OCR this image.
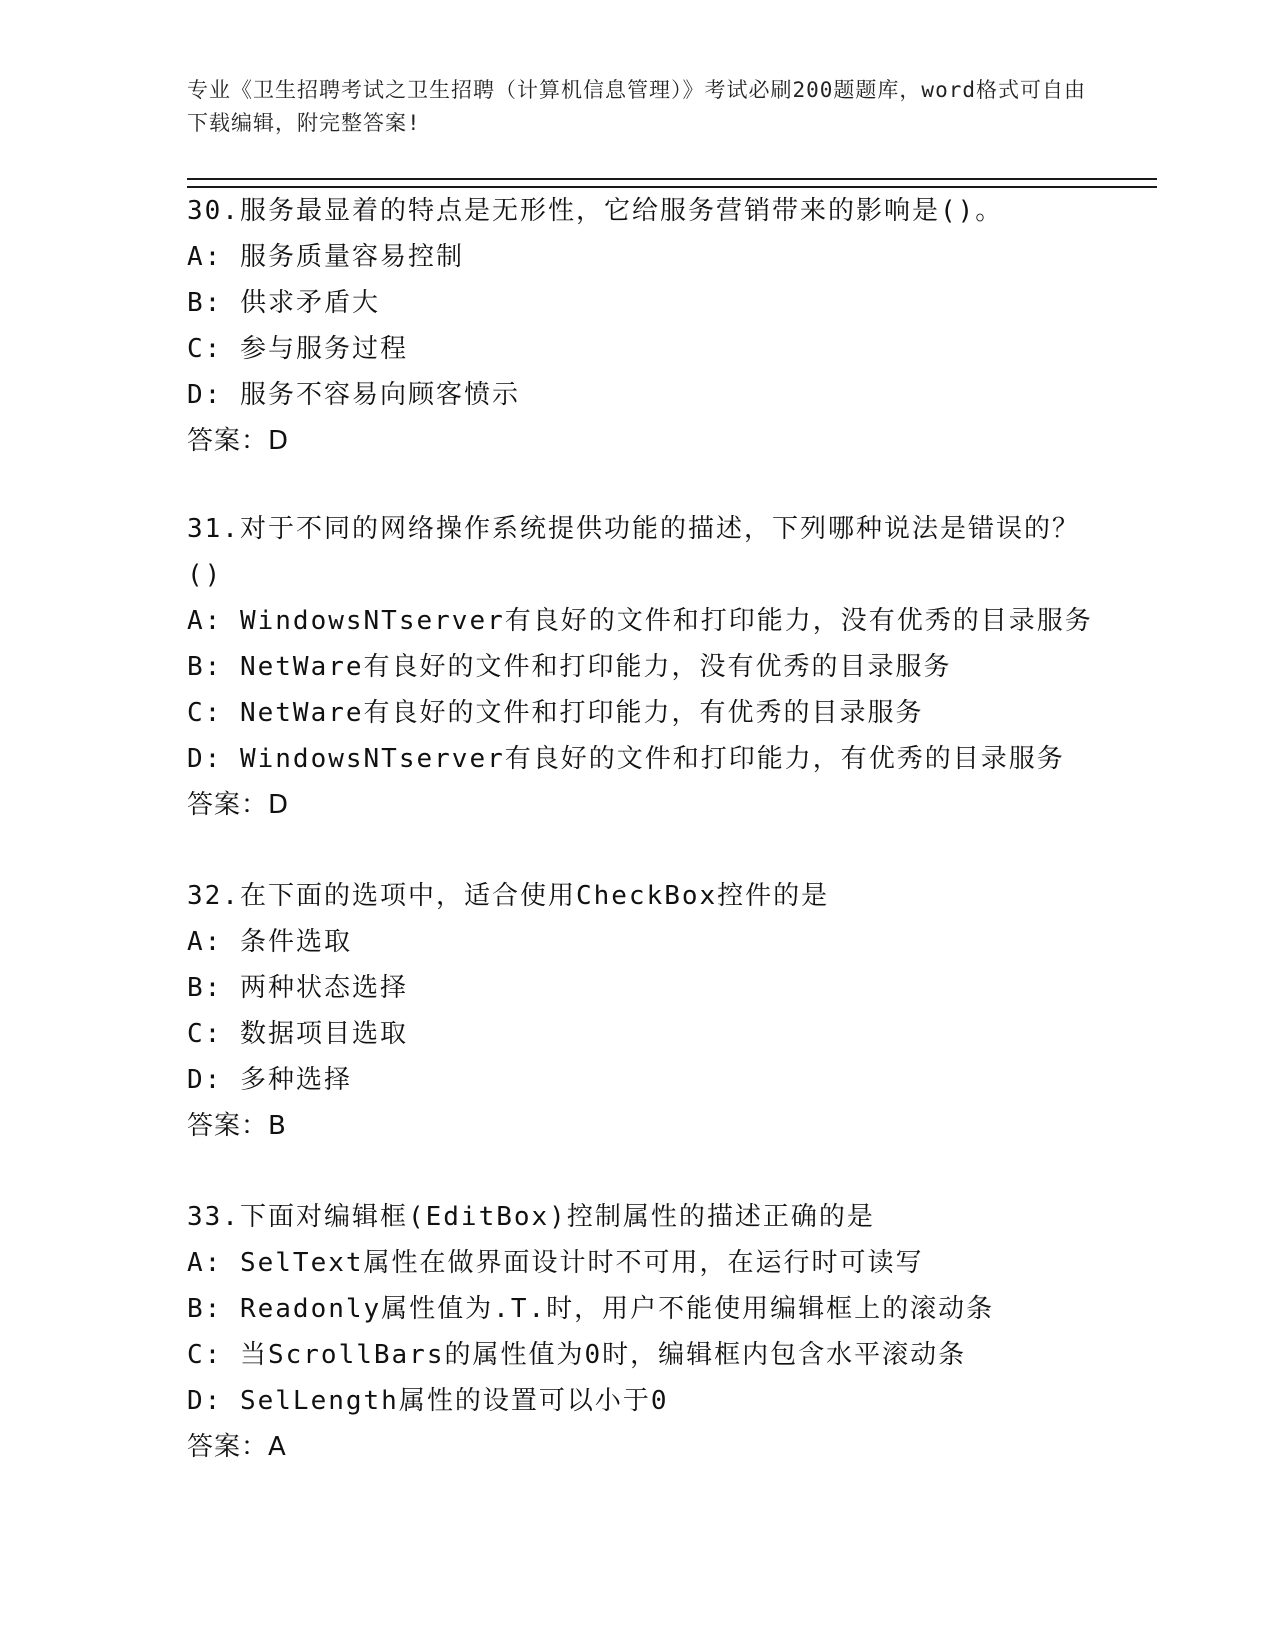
专业《卫生招聘考试之卫生招聘（计算机信息管理）》考试必刷200题题库，word格式可自由下载编辑，附完整答案!
30.服务最显着的特点是无形性，它给服务营销带来的影响是()。
A: 服务质量容易控制
B: 供求矛盾大
C: 参与服务过程
D: 服务不容易向顾客愤示
答案：D
31.对于不同的网络操作系统提供功能的描述，下列哪种说法是错误的？()
A: WindowsNTserver有良好的文件和打印能力，没有优秀的目录服务
B: NetWare有良好的文件和打印能力，没有优秀的目录服务
C: NetWare有良好的文件和打印能力，有优秀的目录服务
D: WindowsNTserver有良好的文件和打印能力，有优秀的目录服务
答案：D
32.在下面的选项中，适合使用CheckBox控件的是
A: 条件选取
B: 两种状态选择
C: 数据项目选取
D: 多种选择
答案：B
33.下面对编辑框(EditBox)控制属性的描述正确的是
A: SelText属性在做界面设计时不可用，在运行时可读写
B: Readonly属性值为.T.时，用户不能使用编辑框上的滚动条
C: 当ScrollBars的属性值为0时，编辑框内包含水平滚动条
D: SelLength属性的设置可以小于0
答案：A
